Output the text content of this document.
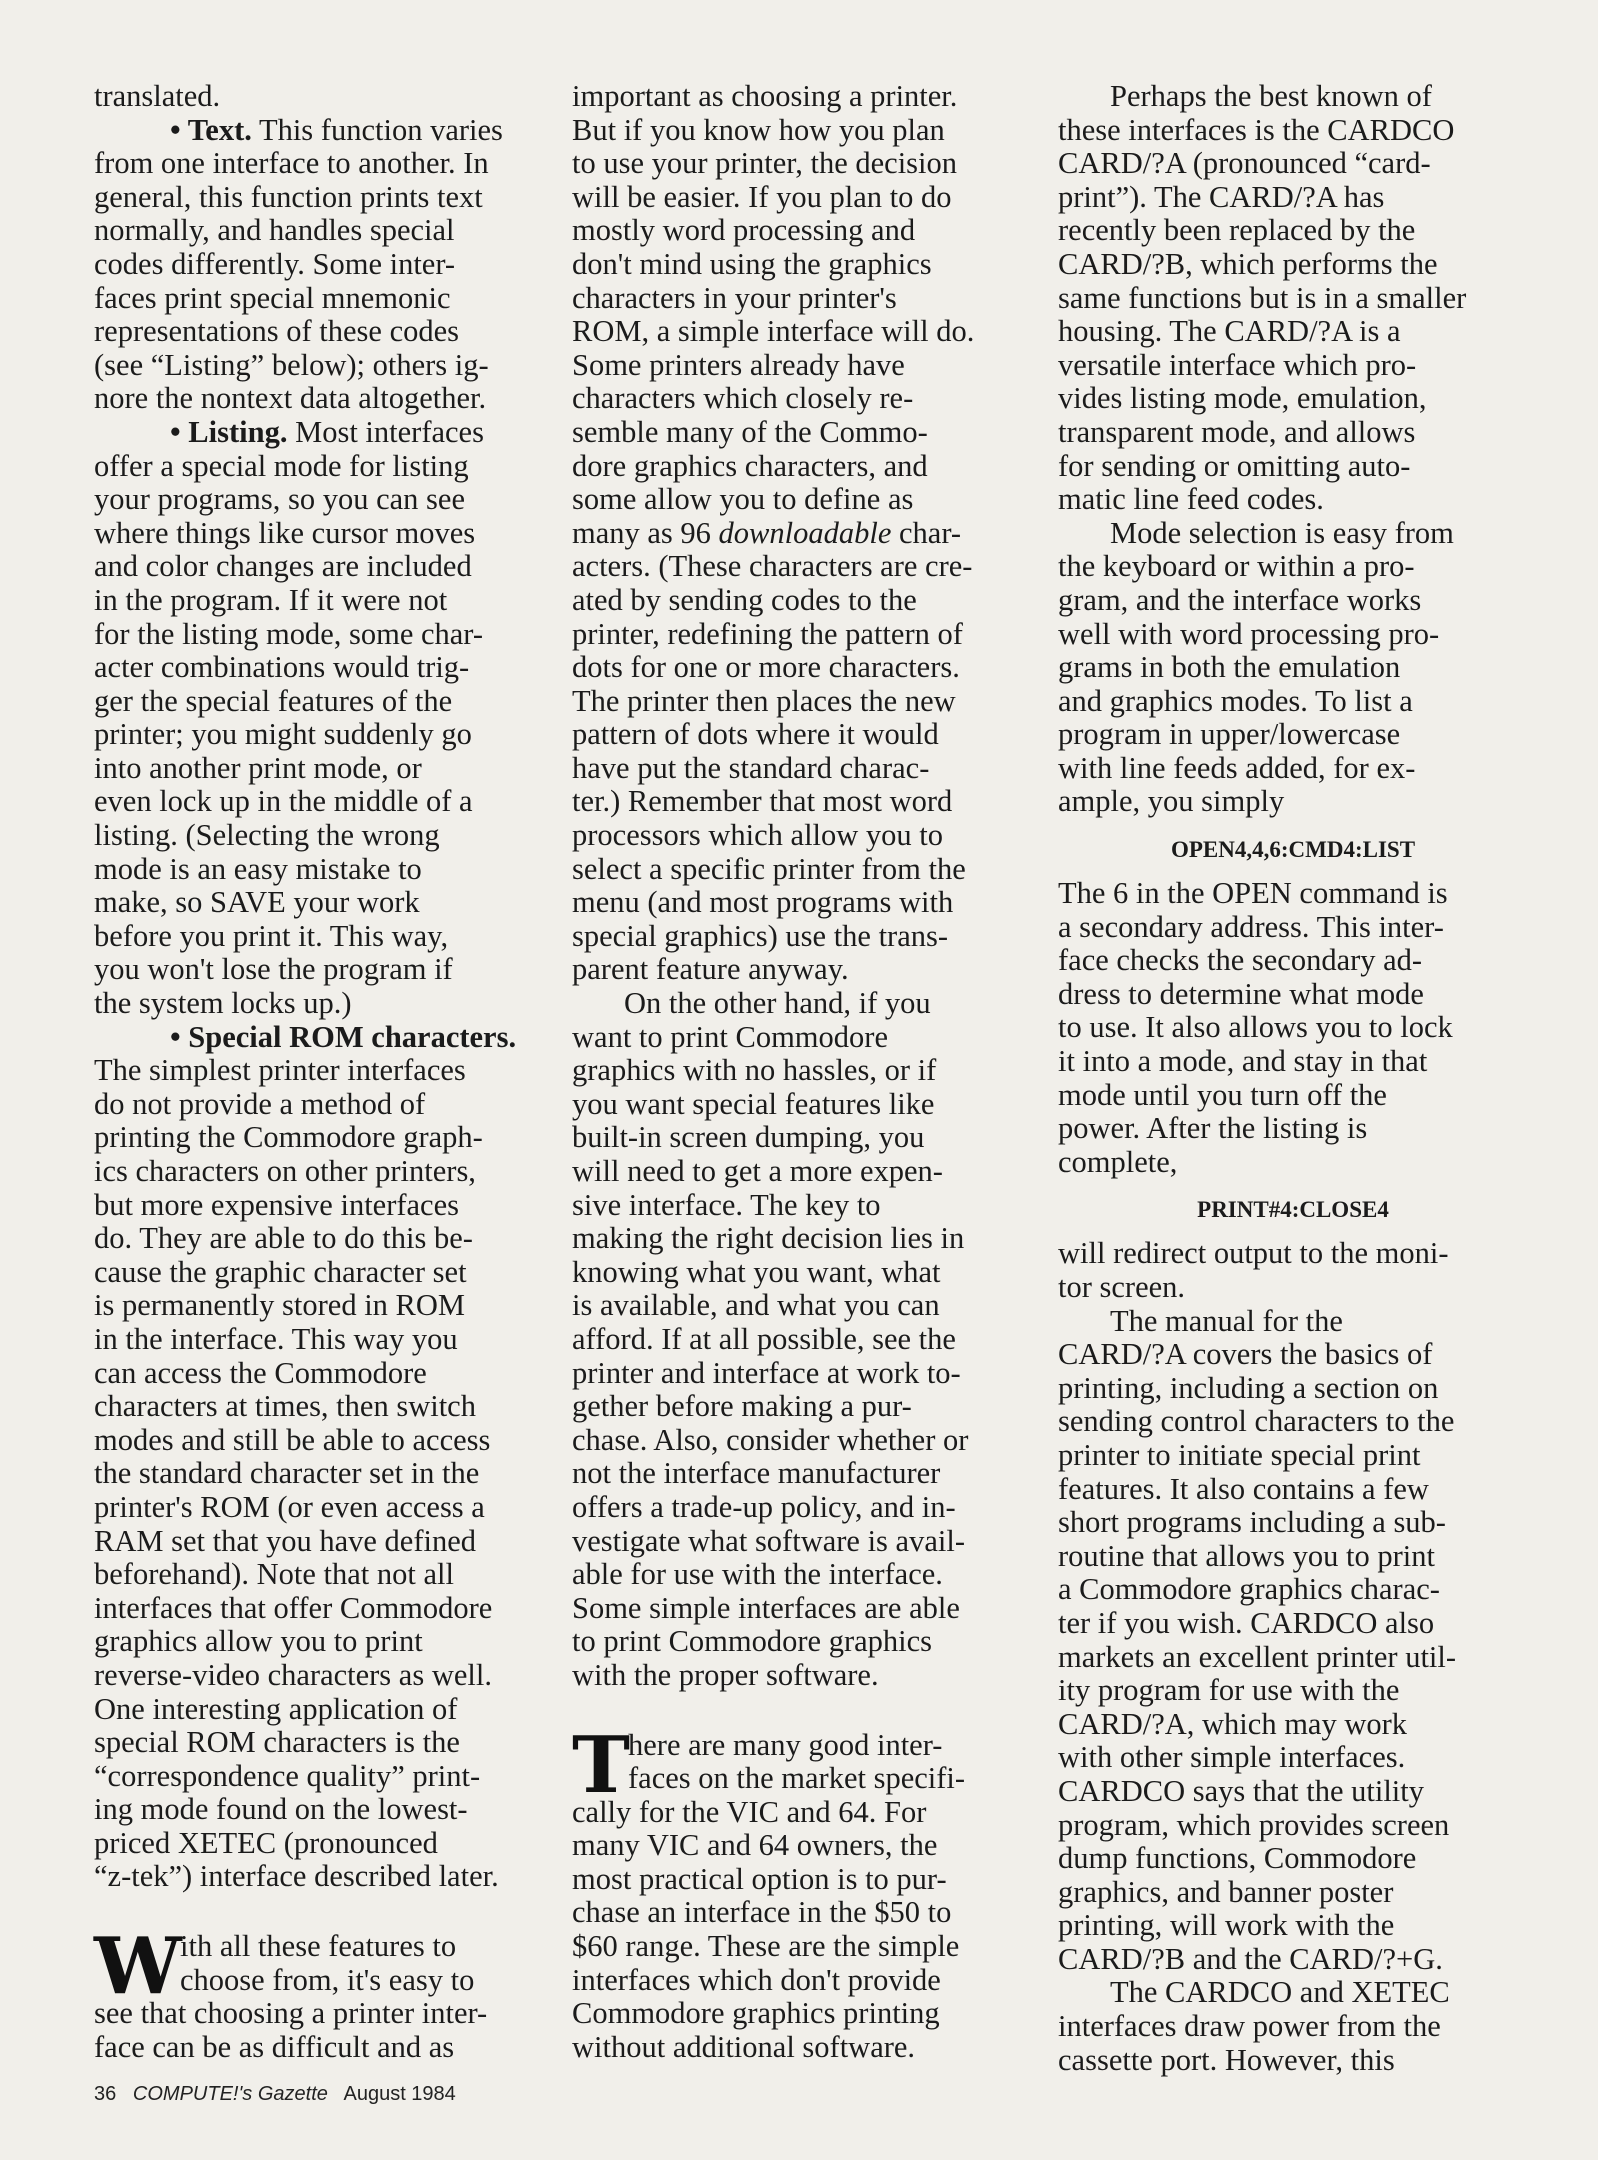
translated.
• Text. This function varies
from one interface to another. In
general, this function prints text
normally, and handles special
codes differently. Some inter-
faces print special mnemonic
representations of these codes
(see “Listing” below); others ig-
nore the nontext data altogether.
• Listing. Most interfaces
offer a special mode for listing
your programs, so you can see
where things like cursor moves
and color changes are included
in the program. If it were not
for the listing mode, some char-
acter combinations would trig-
ger the special features of the
printer; you might suddenly go
into another print mode, or
even lock up in the middle of a
listing. (Selecting the wrong
mode is an easy mistake to
make, so SAVE your work
before you print it. This way,
you won't lose the program if
the system locks up.)
• Special ROM characters.
The simplest printer interfaces
do not provide a method of
printing the Commodore graph-
ics characters on other printers,
but more expensive interfaces
do. They are able to do this be-
cause the graphic character set
is permanently stored in ROM
in the interface. This way you
can access the Commodore
characters at times, then switch
modes and still be able to access
the standard character set in the
printer's ROM (or even access a
RAM set that you have defined
beforehand). Note that not all
interfaces that offer Commodore
graphics allow you to print
reverse-video characters as well.
One interesting application of
special ROM characters is the
“correspondence quality” print-
ing mode found on the lowest-
priced XETEC (pronounced
“z-tek”) interface described later.
W
ith all these features to
choose from, it's easy to
see that choosing a printer inter-
face can be as difficult and as
important as choosing a printer.
But if you know how you plan
to use your printer, the decision
will be easier. If you plan to do
mostly word processing and
don't mind using the graphics
characters in your printer's
ROM, a simple interface will do.
Some printers already have
characters which closely re-
semble many of the Commo-
dore graphics characters, and
some allow you to define as
many as 96 downloadable char-
acters. (These characters are cre-
ated by sending codes to the
printer, redefining the pattern of
dots for one or more characters.
The printer then places the new
pattern of dots where it would
have put the standard charac-
ter.) Remember that most word
processors which allow you to
select a specific printer from the
menu (and most programs with
special graphics) use the trans-
parent feature anyway.
On the other hand, if you
want to print Commodore
graphics with no hassles, or if
you want special features like
built-in screen dumping, you
will need to get a more expen-
sive interface. The key to
making the right decision lies in
knowing what you want, what
is available, and what you can
afford. If at all possible, see the
printer and interface at work to-
gether before making a pur-
chase. Also, consider whether or
not the interface manufacturer
offers a trade-up policy, and in-
vestigate what software is avail-
able for use with the interface.
Some simple interfaces are able
to print Commodore graphics
with the proper software.
T
here are many good inter-
faces on the market specifi-
cally for the VIC and 64. For
many VIC and 64 owners, the
most practical option is to pur-
chase an interface in the $50 to
$60 range. These are the simple
interfaces which don't provide
Commodore graphics printing
without additional software.
Perhaps the best known of
these interfaces is the CARDCO
CARD/?A (pronounced “card-
print”). The CARD/?A has
recently been replaced by the
CARD/?B, which performs the
same functions but is in a smaller
housing. The CARD/?A is a
versatile interface which pro-
vides listing mode, emulation,
transparent mode, and allows
for sending or omitting auto-
matic line feed codes.
Mode selection is easy from
the keyboard or within a pro-
gram, and the interface works
well with word processing pro-
grams in both the emulation
and graphics modes. To list a
program in upper/lowercase
with line feeds added, for ex-
ample, you simply
OPEN4,4,6:CMD4:LIST
The 6 in the OPEN command is
a secondary address. This inter-
face checks the secondary ad-
dress to determine what mode
to use. It also allows you to lock
it into a mode, and stay in that
mode until you turn off the
power. After the listing is
complete,
PRINT#4:CLOSE4
will redirect output to the moni-
tor screen.
The manual for the
CARD/?A covers the basics of
printing, including a section on
sending control characters to the
printer to initiate special print
features. It also contains a few
short programs including a sub-
routine that allows you to print
a Commodore graphics charac-
ter if you wish. CARDCO also
markets an excellent printer util-
ity program for use with the
CARD/?A, which may work
with other simple interfaces.
CARDCO says that the utility
program, which provides screen
dump functions, Commodore
graphics, and banner poster
printing, will work with the
CARD/?B and the CARD/?+G.
The CARDCO and XETEC
interfaces draw power from the
cassette port. However, this
36 COMPUTE!'s Gazette August 1984
